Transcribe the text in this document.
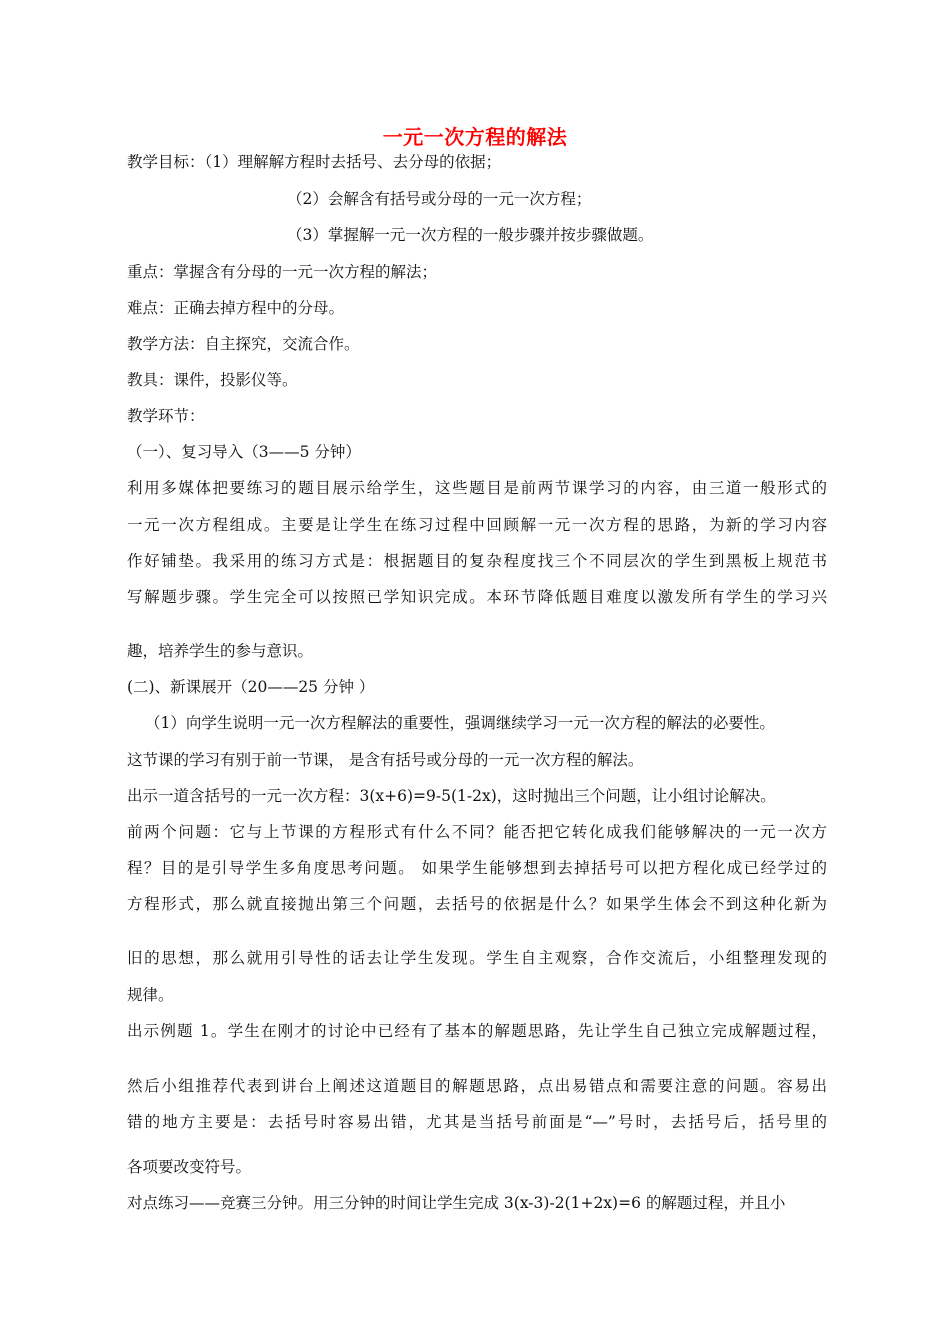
一元一次方程的解法
教学目标：（1）理解解方程时去括号、去分母的依据；
（2）会解含有括号或分母的一元一次方程；
（3）掌握解一元一次方程的一般步骤并按步骤做题。
重点：掌握含有分母的一元一次方程的解法；
难点：正确去掉方程中的分母。
教学方法：自主探究，交流合作。
教具：课件，投影仪等。
教学环节：
（一）、复习导入（3——5 分钟）
利用多媒体把要练习的题目展示给学生，这些题目是前两节课学习的内容，由三道一般形式的
一元一次方程组成。主要是让学生在练习过程中回顾解一元一次方程的思路，为新的学习内容
作好铺垫。我采用的练习方式是：根据题目的复杂程度找三个不同层次的学生到黑板上规范书
写解题步骤。学生完全可以按照已学知识完成。本环节降低题目难度以激发所有学生的学习兴
趣，培养学生的参与意识。
(二)、新课展开（20——25 分钟 ）
（1）向学生说明一元一次方程解法的重要性，强调继续学习一元一次方程的解法的必要性。
这节课的学习有别于前一节课， 是含有括号或分母的一元一次方程的解法。
出示一道含括号的一元一次方程：3(x+6)=9-5(1-2x)，这时抛出三个问题，让小组讨论解决。
前两个问题：它与上节课的方程形式有什么不同？能否把它转化成我们能够解决的一元一次方
程？目的是引导学生多角度思考问题。 如果学生能够想到去掉括号可以把方程化成已经学过的
方程形式，那么就直接抛出第三个问题，去括号的依据是什么？如果学生体会不到这种化新为
旧的思想，那么就用引导性的话去让学生发现。学生自主观察，合作交流后，小组整理发现的
规律。
出示例题 1。学生在刚才的讨论中已经有了基本的解题思路，先让学生自己独立完成解题过程，
然后小组推荐代表到讲台上阐述这道题目的解题思路，点出易错点和需要注意的问题。容易出
错的地方主要是：去括号时容易出错，尤其是当括号前面是“—”号时，去括号后，括号里的
各项要改变符号。
对点练习——竞赛三分钟。用三分钟的时间让学生完成 3(x-3)-2(1+2x)=6 的解题过程，并且小
